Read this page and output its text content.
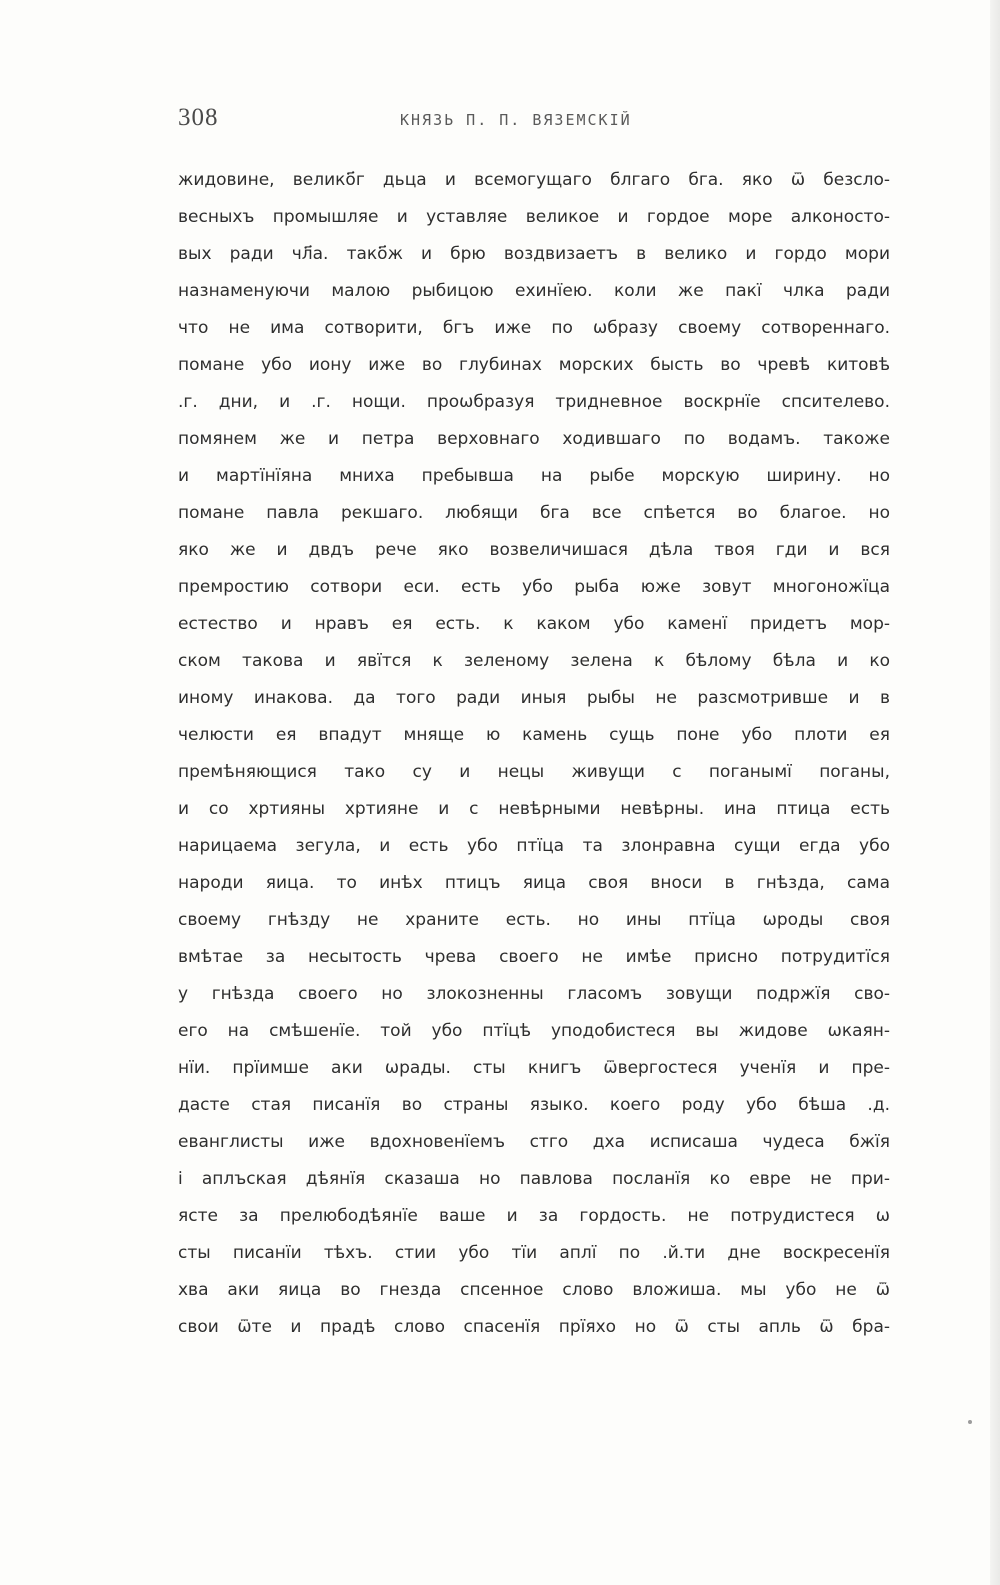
308	КНЯЗЬ П. П. ВЯЗЕМСКІЙ
жидовине, велико҃г дьца и всемогущаго блгаго бга. яко ѿ безсло-
весныхъ промышляе и уставляе великое и гордое море алконосто-
вых ради чл҃а. тако҃ж и брю воздвизаетъ в велико и гордо мори
назнаменуючи малою рыбицою ехинїею. коли же пакї члка ради
что не има сотворити, бгъ иже по ѡбразу своему сотвореннаго.
помане убо иону иже во глубинах морских бысть во чревѣ китовѣ
.г. дни, и .г. нощи. проѡбразуя тридневное воскрнїе спсителево.
помянем же и петра верховнаго ходившаго по водамъ. такоже
и мартїнїяна мниха пребывша на рыбе морскую ширину. но
помане павла рекшаго. любящи бга все спѣется во благое. но
яко же и двдъ рече яко возвеличишася дѣла твоя гди и вся
премростию сотвори еси. есть убо рыба юже зовут многоножїца
естество и нравъ ея есть. к каком убо каменї придетъ мор-
ском такова и явїтся к зеленому зелена к бѣлому бѣла и ко
иному инакова. да того ради иныя рыбы не разсмотривше и в
челюсти ея впадут мняще ю камень сущь поне убо плоти ея
премѣняющися тако су и нецы живущи с поганымї поганы,
и со хртияны хртияне и с невѣрными невѣрны. ина птица есть
нарицаема зегула, и есть убо птїца та злонравна сущи егда убо
народи яица. то инѣх птицъ яица своя вноси в гнѣзда, сама
своему гнѣзду не храните есть. но ины птїца ѡроды своя
вмѣтае за несытость чрева своего не имѣе присно потрудитїся
у гнѣзда своего но злокозненны гласомъ зовущи подржїя сво-
его на смѣшенїе. той убо птїцѣ уподобистеся вы жидове ѡкаян-
нїи. прїимше аки ѡрады. сты книгъ ѿвергостеся ученїя и пре-
дасте стая писанїя во страны языко. коего роду убо бѣша .д.
еванглисты иже вдохновенїемъ стго дха исписаша чудеса бжїя
і аплъская дѣянїя сказаша но павлова посланїя ко евре не при-
ясте за прелюбодѣянїе ваше и за гордость. не потрудистеся ѡ
сты писанїи тѣхъ. стии убо тїи аплї по .й.ти дне воскресенїя
хва аки яица во гнезда спсенное слово вложиша. мы убо не ѿ
свои ѿте и прадѣ слово спасенїя прїяхо но ѿ сты апль ѿ бра-
